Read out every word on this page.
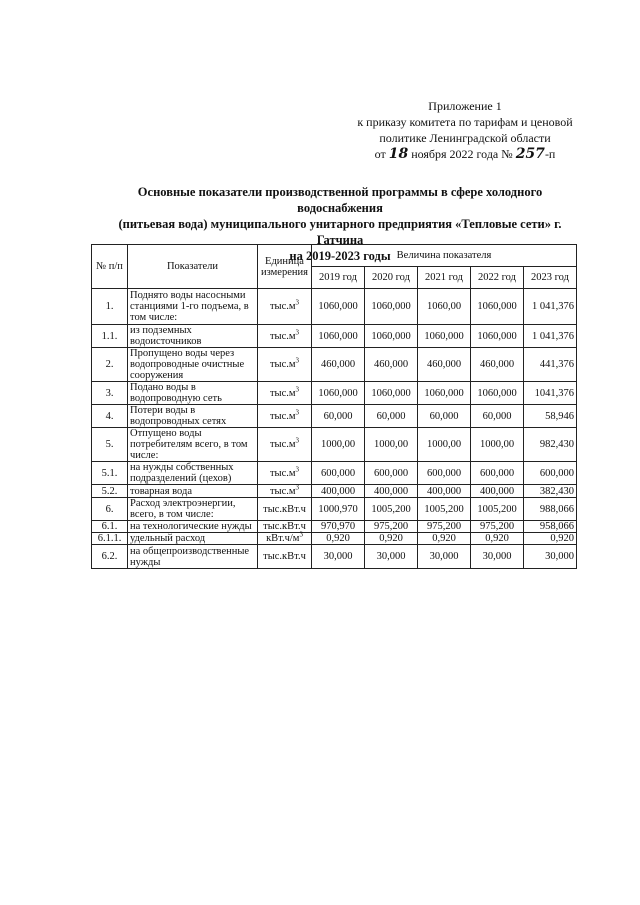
Приложение 1
к приказу комитета по тарифам и ценовой
политике Ленинградской области
от 18 ноября 2022 года № 257-п
Основные показатели производственной программы в сфере холодного водоснабжения
(питьевая вода) муниципального унитарного предприятия «Тепловые сети» г. Гатчина
на 2019-2023 годы
№ п/п	Показатели	Единица измерения	Величина показателя				
			2019 год	2020 год	2021 год	2022 год	2023 год
1.	Поднято воды насосными станциями 1-го подъема, в том числе:	$тыс.м^3$	1060,000	1060,000	1060,00	1060,000	1 041,376
1.1.	из подземных водоисточников	$тыс.м^3$	1060,000	1060,000	1060,000	1060,000	1 041,376
2.	Пропущено воды через водопроводные очистные сооружения	$тыс.м^3$	460,000	460,000	460,000	460,000	441,376
3.	Подано воды в водопроводную сеть	$тыс.м^3$	1060,000	1060,000	1060,000	1060,000	1041,376
4.	Потери воды в водопроводных сетях	$тыс.м^3$	60,000	60,000	60,000	60,000	58,946
5.	Отпущено воды потребителям всего, в том числе:	$тыс.м^3$	1000,00	1000,00	1000,00	1000,00	982,430
5.1.	на нужды собственных подразделений (цехов)	$тыс.м^3$	600,000	600,000	600,000	600,000	600,000
5.2.	товарная вода	$тыс.м^3$	400,000	400,000	400,000	400,000	382,430
6.	Расход электроэнергии, всего, в том числе:	тыс.кВт.ч	1000,970	1005,200	1005,200	1005,200	988,066
6.1.	на технологические нужды	тыс.кВт.ч	970,970	975,200	975,200	975,200	958,066
6.1.1.	удельный расход	$кВт.ч/м^3$	0,920	0,920	0,920	0,920	0,920
6.2.	на общепроизводственные нужды	тыс.кВт.ч	30,000	30,000	30,000	30,000	30,000
